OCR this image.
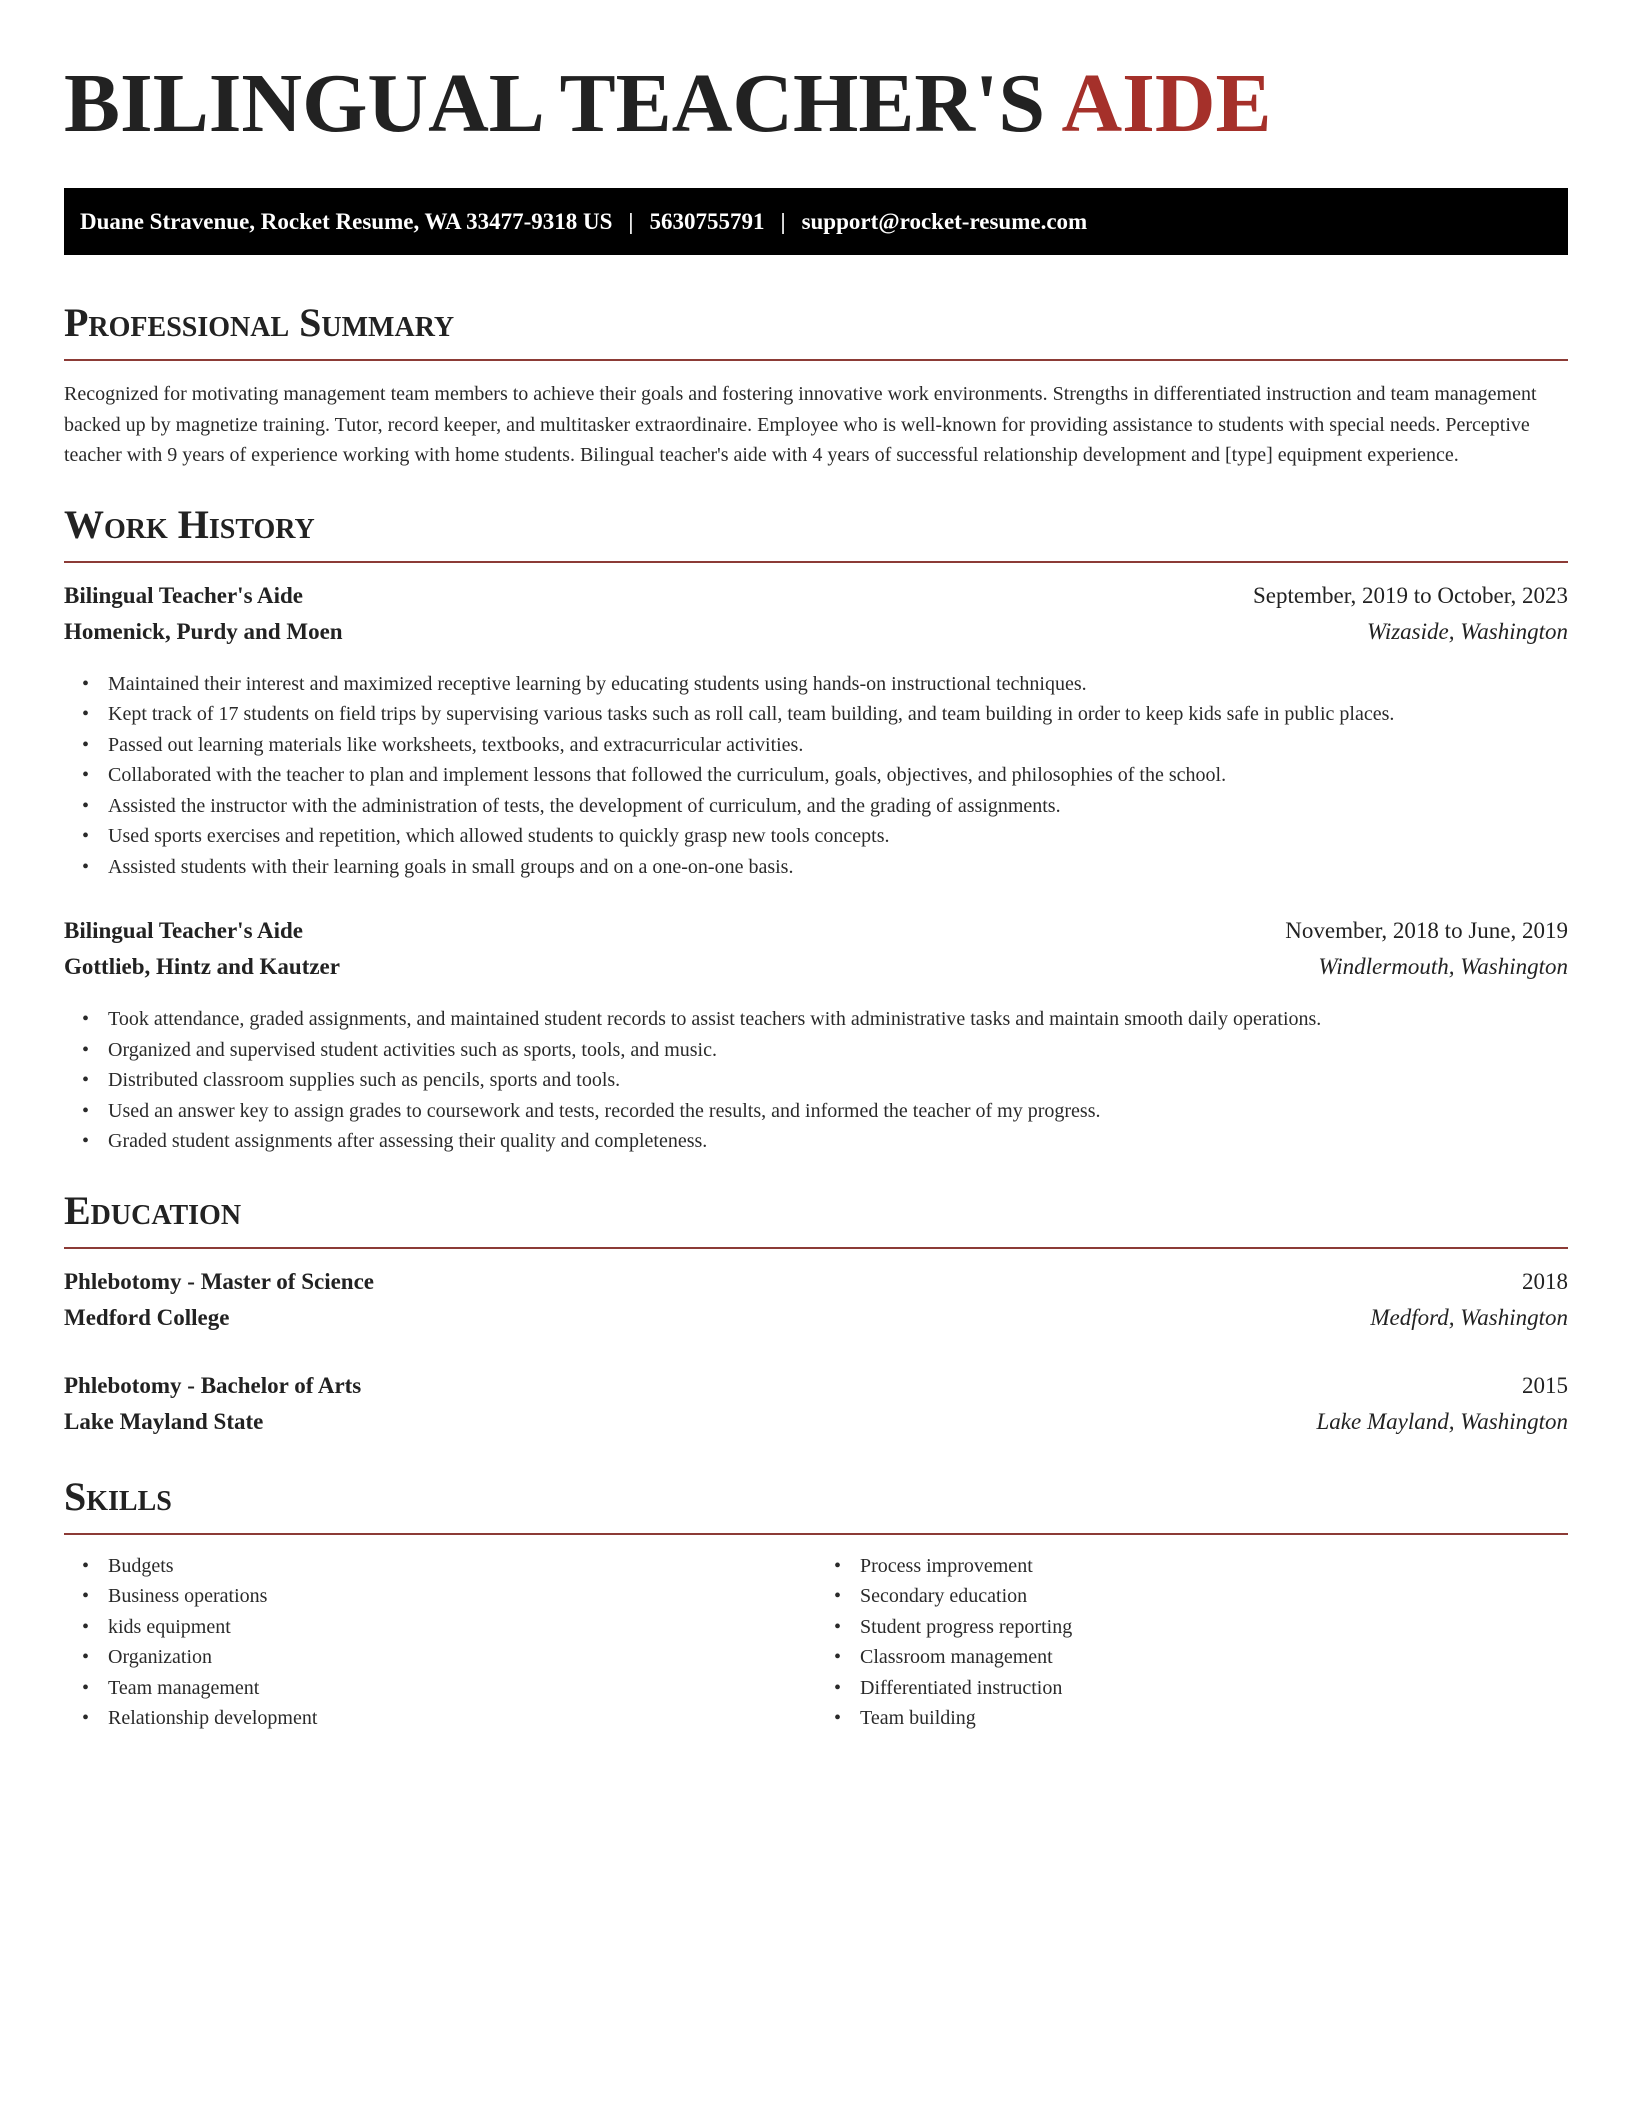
BILINGUAL TEACHER'S AIDE
Duane Stravenue, Rocket Resume, WA 33477-9318 US | 5630755791 | support@rocket-resume.com
Professional Summary

Recognized for motivating management team members to achieve their goals and fostering innovative work environments. Strengths in differentiated instruction and team management backed up by magnetize training. Tutor, record keeper, and multitasker extraordinaire. Employee who is well-known for providing assistance to students with special needs. Perceptive teacher with 9 years of experience working with home students. Bilingual teacher's aide with 4 years of successful relationship development and [type] equipment experience.

Work History
Bilingual Teacher's Aide	September, 2019 to October, 2023
Homenick, Purdy and Moen	Wizaside, Washington
• Maintained their interest and maximized receptive learning by educating students using hands-on instructional techniques.
• Kept track of 17 students on field trips by supervising various tasks such as roll call, team building, and team building in order to keep kids safe in public places.
• Passed out learning materials like worksheets, textbooks, and extracurricular activities.
• Collaborated with the teacher to plan and implement lessons that followed the curriculum, goals, objectives, and philosophies of the school.
• Assisted the instructor with the administration of tests, the development of curriculum, and the grading of assignments.
• Used sports exercises and repetition, which allowed students to quickly grasp new tools concepts.
• Assisted students with their learning goals in small groups and on a one-on-one basis.
Bilingual Teacher's Aide	November, 2018 to June, 2019
Gottlieb, Hintz and Kautzer	Windlermouth, Washington
• Took attendance, graded assignments, and maintained student records to assist teachers with administrative tasks and maintain smooth daily operations.
• Organized and supervised student activities such as sports, tools, and music.
• Distributed classroom supplies such as pencils, sports and tools.
• Used an answer key to assign grades to coursework and tests, recorded the results, and informed the teacher of my progress.
• Graded student assignments after assessing their quality and completeness.
Education
Phlebotomy - Master of Science	2018
Medford College	Medford, Washington
Phlebotomy - Bachelor of Arts	2015
Lake Mayland State	Lake Mayland, Washington
Skills
• Budgets
• Business operations
• kids equipment
• Organization
• Team management
• Relationship development
• Process improvement
• Secondary education
• Student progress reporting
• Classroom management
• Differentiated instruction
• Team building
